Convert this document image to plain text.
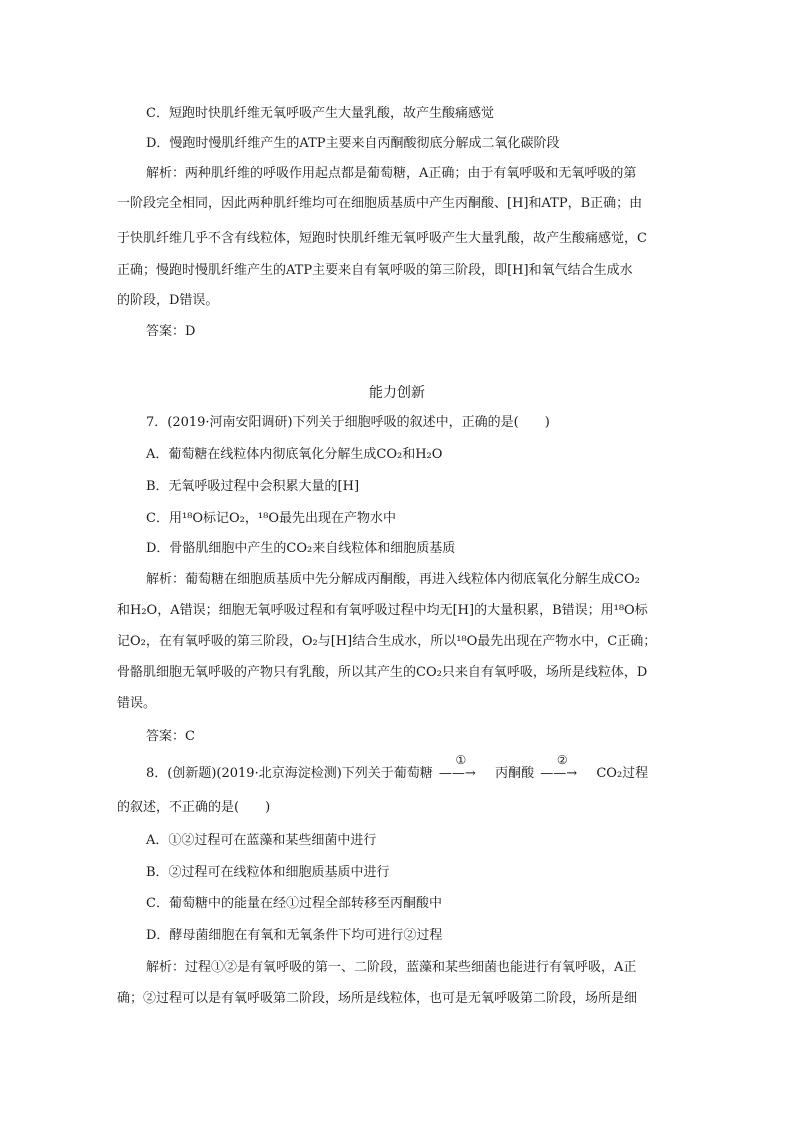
C．短跑时快肌纤维无氧呼吸产生大量乳酸，故产生酸痛感觉
D．慢跑时慢肌纤维产生的ATP主要来自丙酮酸彻底分解成二氧化碳阶段
解析：两种肌纤维的呼吸作用起点都是葡萄糖，A正确；由于有氧呼吸和无氧呼吸的第
一阶段完全相同，因此两种肌纤维均可在细胞质基质中产生丙酮酸、[H]和ATP，B正确；由
于快肌纤维几乎不含有线粒体，短跑时快肌纤维无氧呼吸产生大量乳酸，故产生酸痛感觉，C
正确；慢跑时慢肌纤维产生的ATP主要来自有氧呼吸的第三阶段，即[H]和氧气结合生成水
的阶段，D错误。
答案：D
能力创新
7．(2019·河南安阳调研)下列关于细胞呼吸的叙述中，正确的是(　　)
A．葡萄糖在线粒体内彻底氧化分解生成CO₂和H₂O
B．无氧呼吸过程中会积累大量的[H]
C．用¹⁸O标记O₂，¹⁸O最先出现在产物水中
D．骨骼肌细胞中产生的CO₂来自线粒体和细胞质基质
解析：葡萄糖在细胞质基质中先分解成丙酮酸，再进入线粒体内彻底氧化分解生成CO₂
和H₂O，A错误；细胞无氧呼吸过程和有氧呼吸过程中均无[H]的大量积累，B错误；用¹⁸O标
记O₂，在有氧呼吸的第三阶段，O₂与[H]结合生成水，所以¹⁸O最先出现在产物水中，C正确；
骨骼肌细胞无氧呼吸的产物只有乳酸，所以其产生的CO₂只来自有氧呼吸，场所是线粒体，D
错误。
答案：C
8．(创新题)(2019·北京海淀检测)下列关于葡萄糖
①
——→ 丙酮酸
②
——→ CO₂过程
的叙述，不正确的是(　　)
A．①②过程可在蓝藻和某些细菌中进行
B．②过程可在线粒体和细胞质基质中进行
C．葡萄糖中的能量在经①过程全部转移至丙酮酸中
D．酵母菌细胞在有氧和无氧条件下均可进行②过程
解析：过程①②是有氧呼吸的第一、二阶段，蓝藻和某些细菌也能进行有氧呼吸，A正
确；②过程可以是有氧呼吸第二阶段，场所是线粒体，也可是无氧呼吸第二阶段，场所是细
